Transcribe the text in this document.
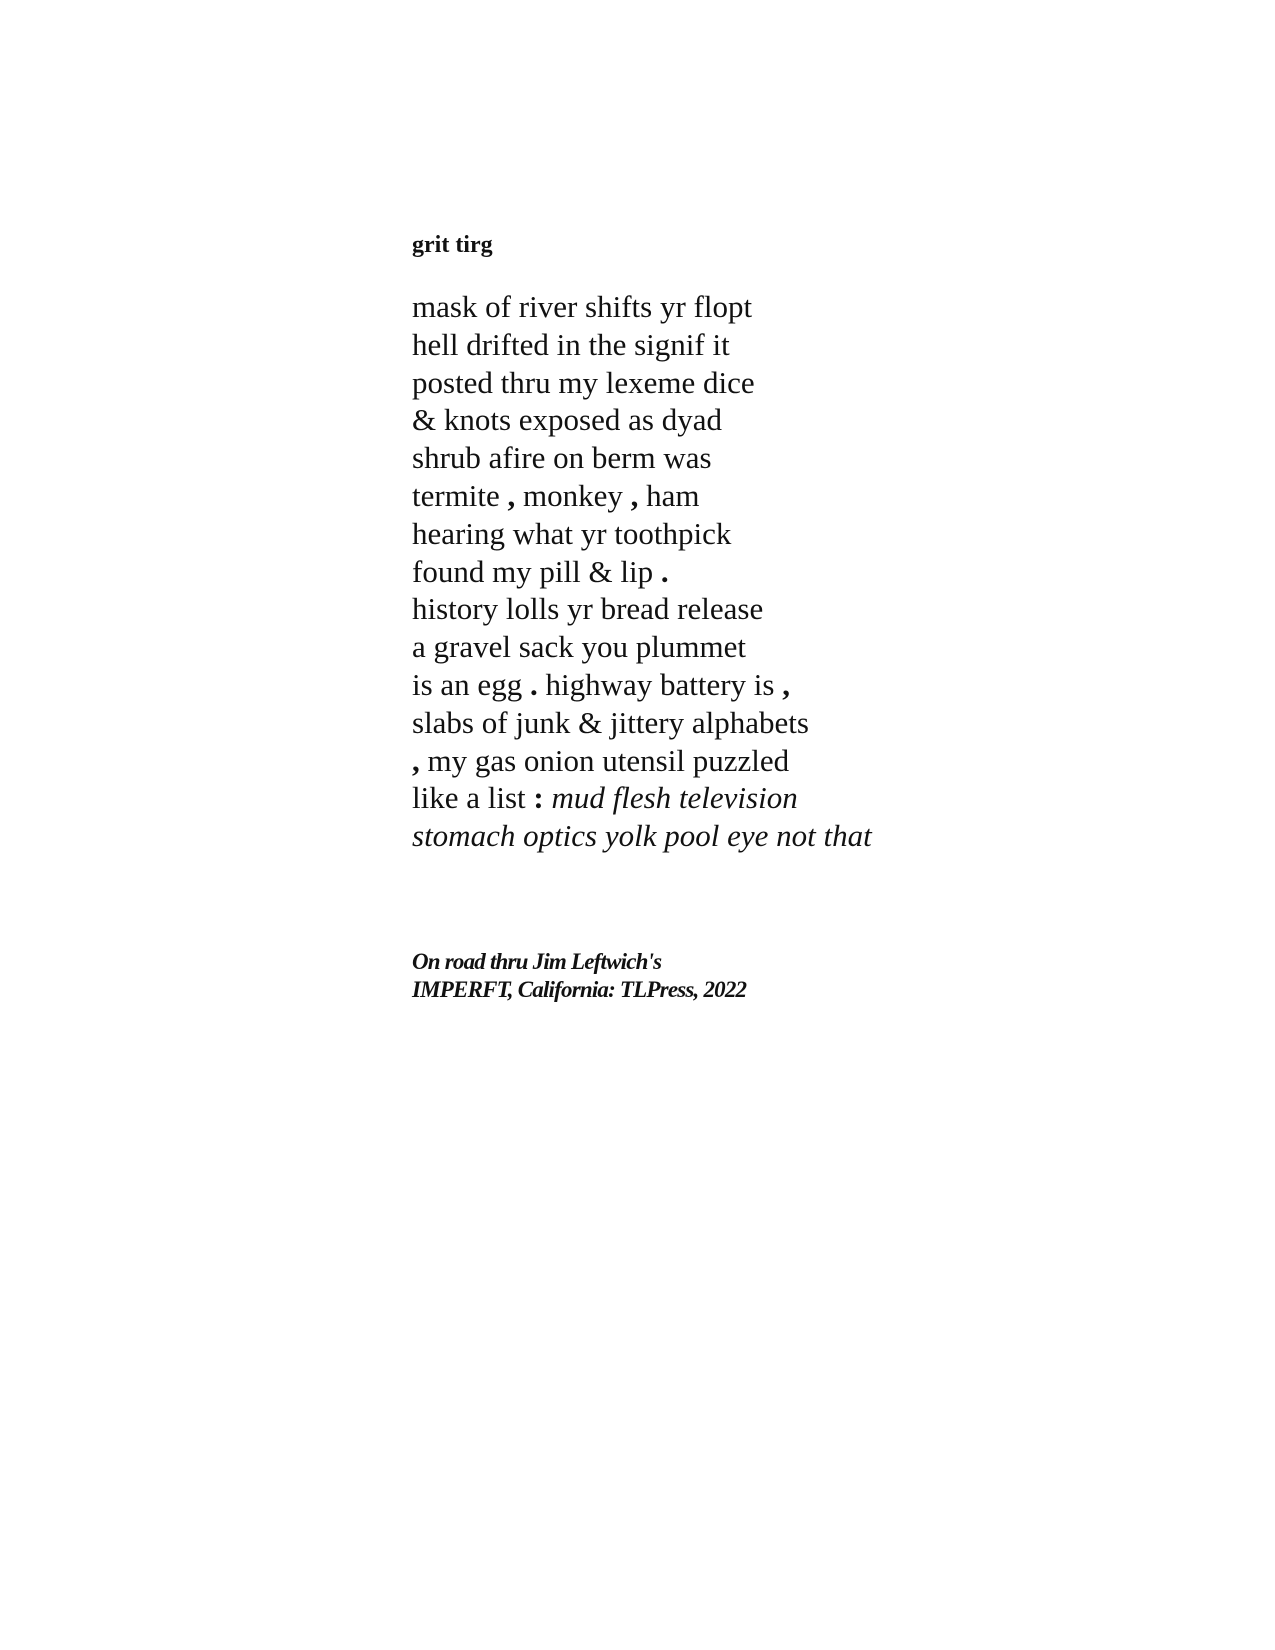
grit tirg
mask of river shifts yr flopt
hell drifted in the signif it
posted thru my lexeme dice
& knots exposed as dyad
shrub afire on berm was
termite , monkey , ham
hearing what yr toothpick
found my pill & lip .
history lolls yr bread release
a gravel sack you plummet
is an egg . highway battery is ,
slabs of junk & jittery alphabets
, my gas onion utensil puzzled
like a list : mud flesh television
stomach optics yolk pool eye not that
On road thru Jim Leftwich's
IMPERFT, California: TLPress, 2022
